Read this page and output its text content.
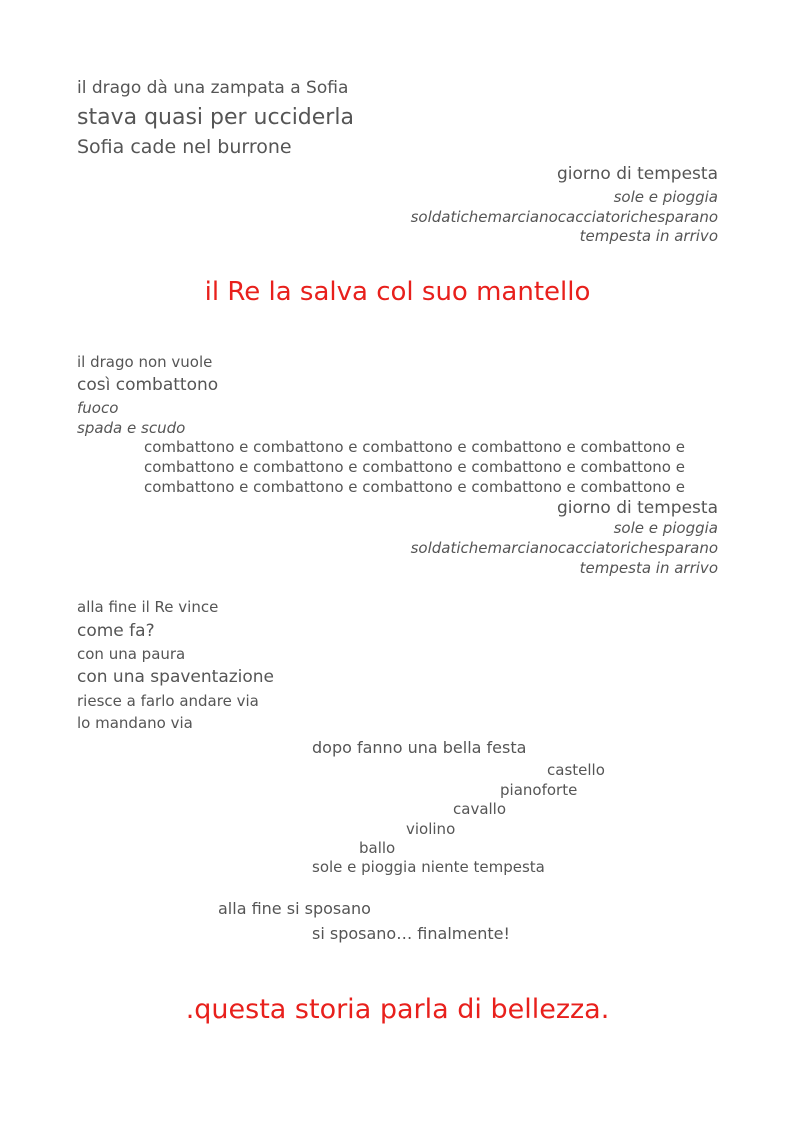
il drago dà una zampata a Sofia
stava quasi per ucciderla
Sofia cade nel burrone
giorno di tempesta
sole e pioggia
soldatichemarcianocacciatorichesparano
tempesta in arrivo
il Re la salva col suo mantello
il drago non vuole
così combattono
fuoco
spada e scudo
combattono e combattono e combattono e combattono e combattono e
combattono e combattono e combattono e combattono e combattono e
combattono e combattono e combattono e combattono e combattono e
giorno di tempesta
sole e pioggia
soldatichemarcianocacciatorichesparano
tempesta in arrivo
alla fine il Re vince
come fa?
con una paura
con una spaventazione
riesce a farlo andare via
lo mandano via
dopo fanno una bella festa
castello
pianoforte
cavallo
violino
ballo
sole e pioggia niente tempesta
alla fine si sposano
si sposano… finalmente!
.questa storia parla di bellezza.
